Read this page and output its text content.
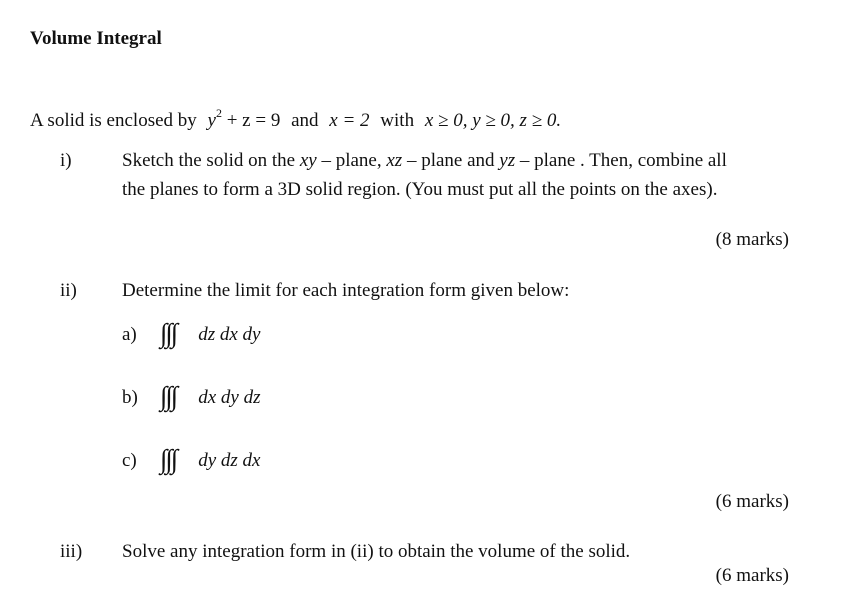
Volume Integral
A solid is enclosed by $y^2 + z = 9$ and x = 2 with x ≥ 0, y ≥ 0, z ≥ 0.
i)	Sketch the solid on the xy – plane, xz – plane and yz – plane . Then, combine all
the planes to form a 3D solid region. (You must put all the points on the axes).
(8 marks)
ii) Determine the limit for each integration form given below:
a) ∫∫∫ dz dx dy
b) ∫∫∫ dx dy dz
c) ∫∫∫ dy dz dx
(6 marks)
iii) Solve any integration form in (ii) to obtain the volume of the solid.
(6 marks)
